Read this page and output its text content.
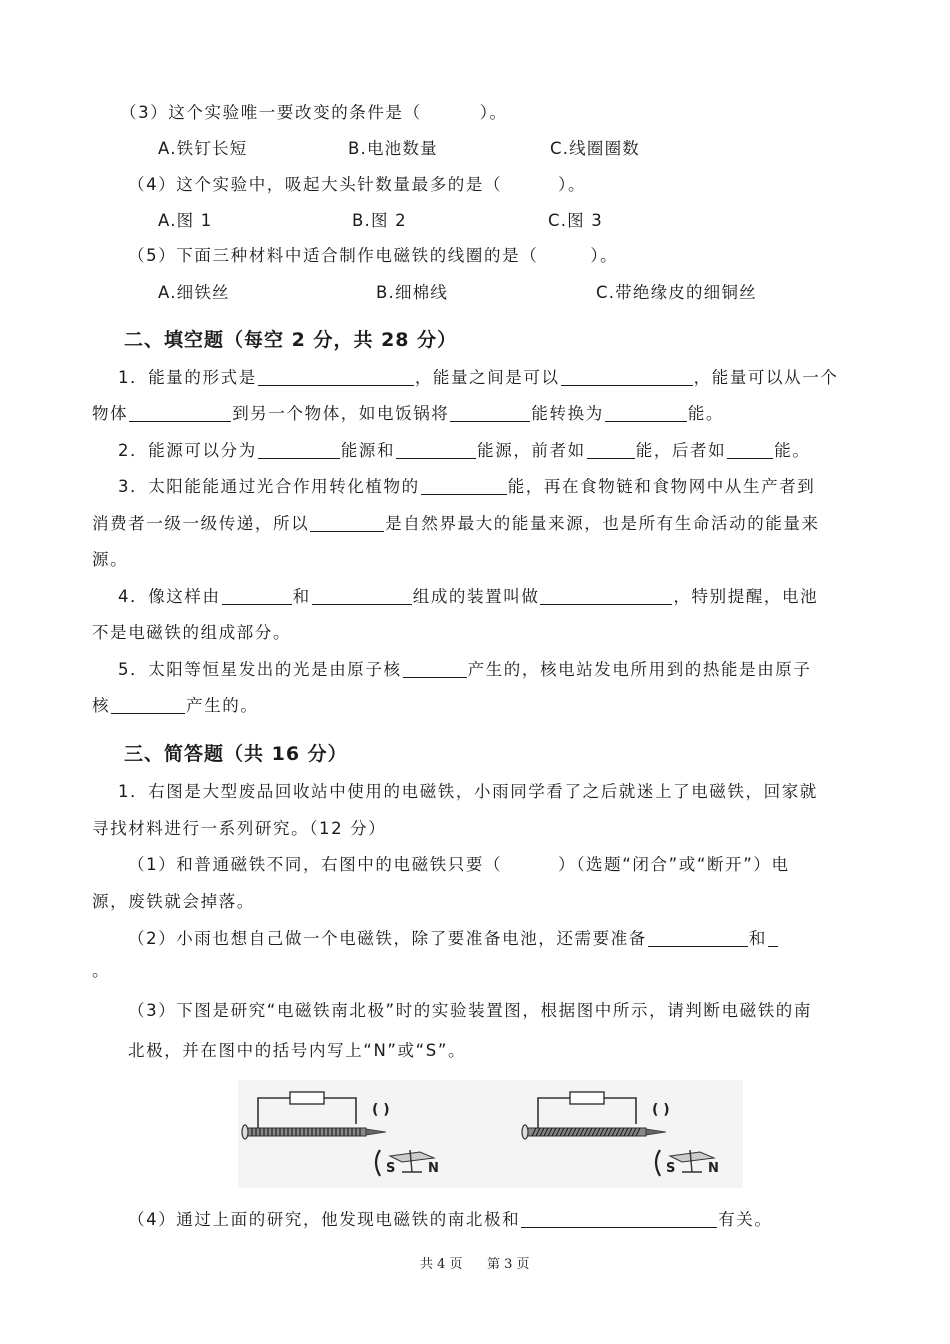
（3）这个实验唯一要改变的条件是（	）。
A.铁钉长短	B.电池数量	C.线圈圈数
（4）这个实验中，吸起大头针数量最多的是（	）。
A.图 1	B.图 2	C.图 3
（5）下面三种材料中适合制作电磁铁的线圈的是（	）。
A.细铁丝	B.细棉线	C.带绝缘皮的细铜丝
二、填空题（每空 2 分，共 28 分）
1．能量的形式是	，能量之间是可以	，能量可以从一个
物体	到另一个物体，如电饭锅将	能转换为	能。
2．能源可以分为	能源和	能源，前者如	能，后者如	能。
3．太阳能能通过光合作用转化植物的	能，再在食物链和食物网中从生产者到
消费者一级一级传递，所以	是自然界最大的能量来源，也是所有生命活动的能量来
源。
4．像这样由	和	组成的装置叫做	，特别提醒，电池
不是电磁铁的组成部分。
5．太阳等恒星发出的光是由原子核	产生的，核电站发电所用到的热能是由原子
核	产生的。
三、简答题（共 16 分）
1．右图是大型废品回收站中使用的电磁铁，小雨同学看了之后就迷上了电磁铁，回家就
寻找材料进行一系列研究。（12 分）
（1）和普通磁铁不同，右图中的电磁铁只要（	）（选题“闭合”或“断开”）电
源，废铁就会掉落。
（2）小雨也想自己做一个电磁铁，除了要准备电池，还需要准备	和
。
（3）下图是研究“电磁铁南北极”时的实验装置图，根据图中所示，请判断电磁铁的南
北极，并在图中的括号内写上“N”或“S”。
( )
S	N
( )
S	N
（4）通过上面的研究，他发现电磁铁的南北极和	有关。
共 4 页 第 3 页
